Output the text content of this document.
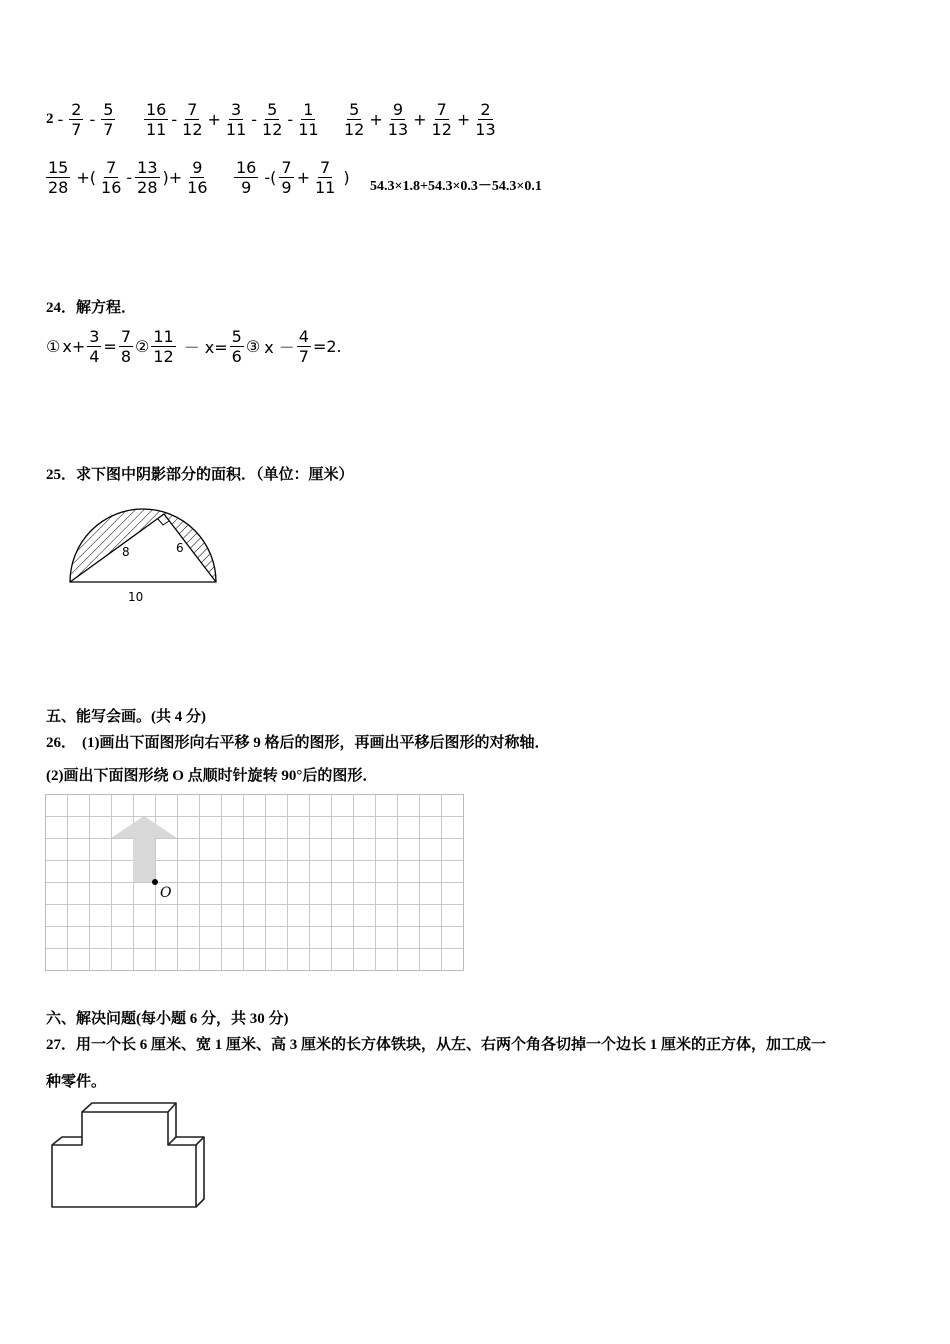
$2 - \frac{2}{7} - \frac{5}{7} \frac{16}{11} - \frac{7}{12} + \frac{3}{11} - \frac{5}{12} - \frac{1}{11} \frac{5}{12} + \frac{9}{13} + \frac{7}{12} + \frac{2}{13}$
$\frac{15}{28}$ +( $\frac{7}{16} - \frac{13}{28}$ )+ $\frac{9}{16} \frac{16}{9}$ -( $\frac{7}{9} + \frac{7}{11}$ ) 54.3×1.8+54.3×0.3－54.3×0.1
24．解方程．
① $x+ \frac{3}{4} = \frac{7}{8}$ ② $\frac{11}{12} - x= \frac{5}{6}$ ③ $x - \frac{4}{7} =2$.
25．求下图中阴影部分的面积．（单位：厘米）
8	6
10
五、能写会画。(共 4 分)
26． (1)画出下面图形向右平移 9 格后的图形，再画出平移后图形的对称轴．
(2)画出下面图形绕 O 点顺时针旋转 90°后的图形．
O
六、解决问题(每小题 6 分，共 30 分)
27．用一个长 6 厘米、宽 1 厘米、高 3 厘米的长方体铁块，从左、右两个角各切掉一个边长 1 厘米的正方体，加工成一
种零件。
